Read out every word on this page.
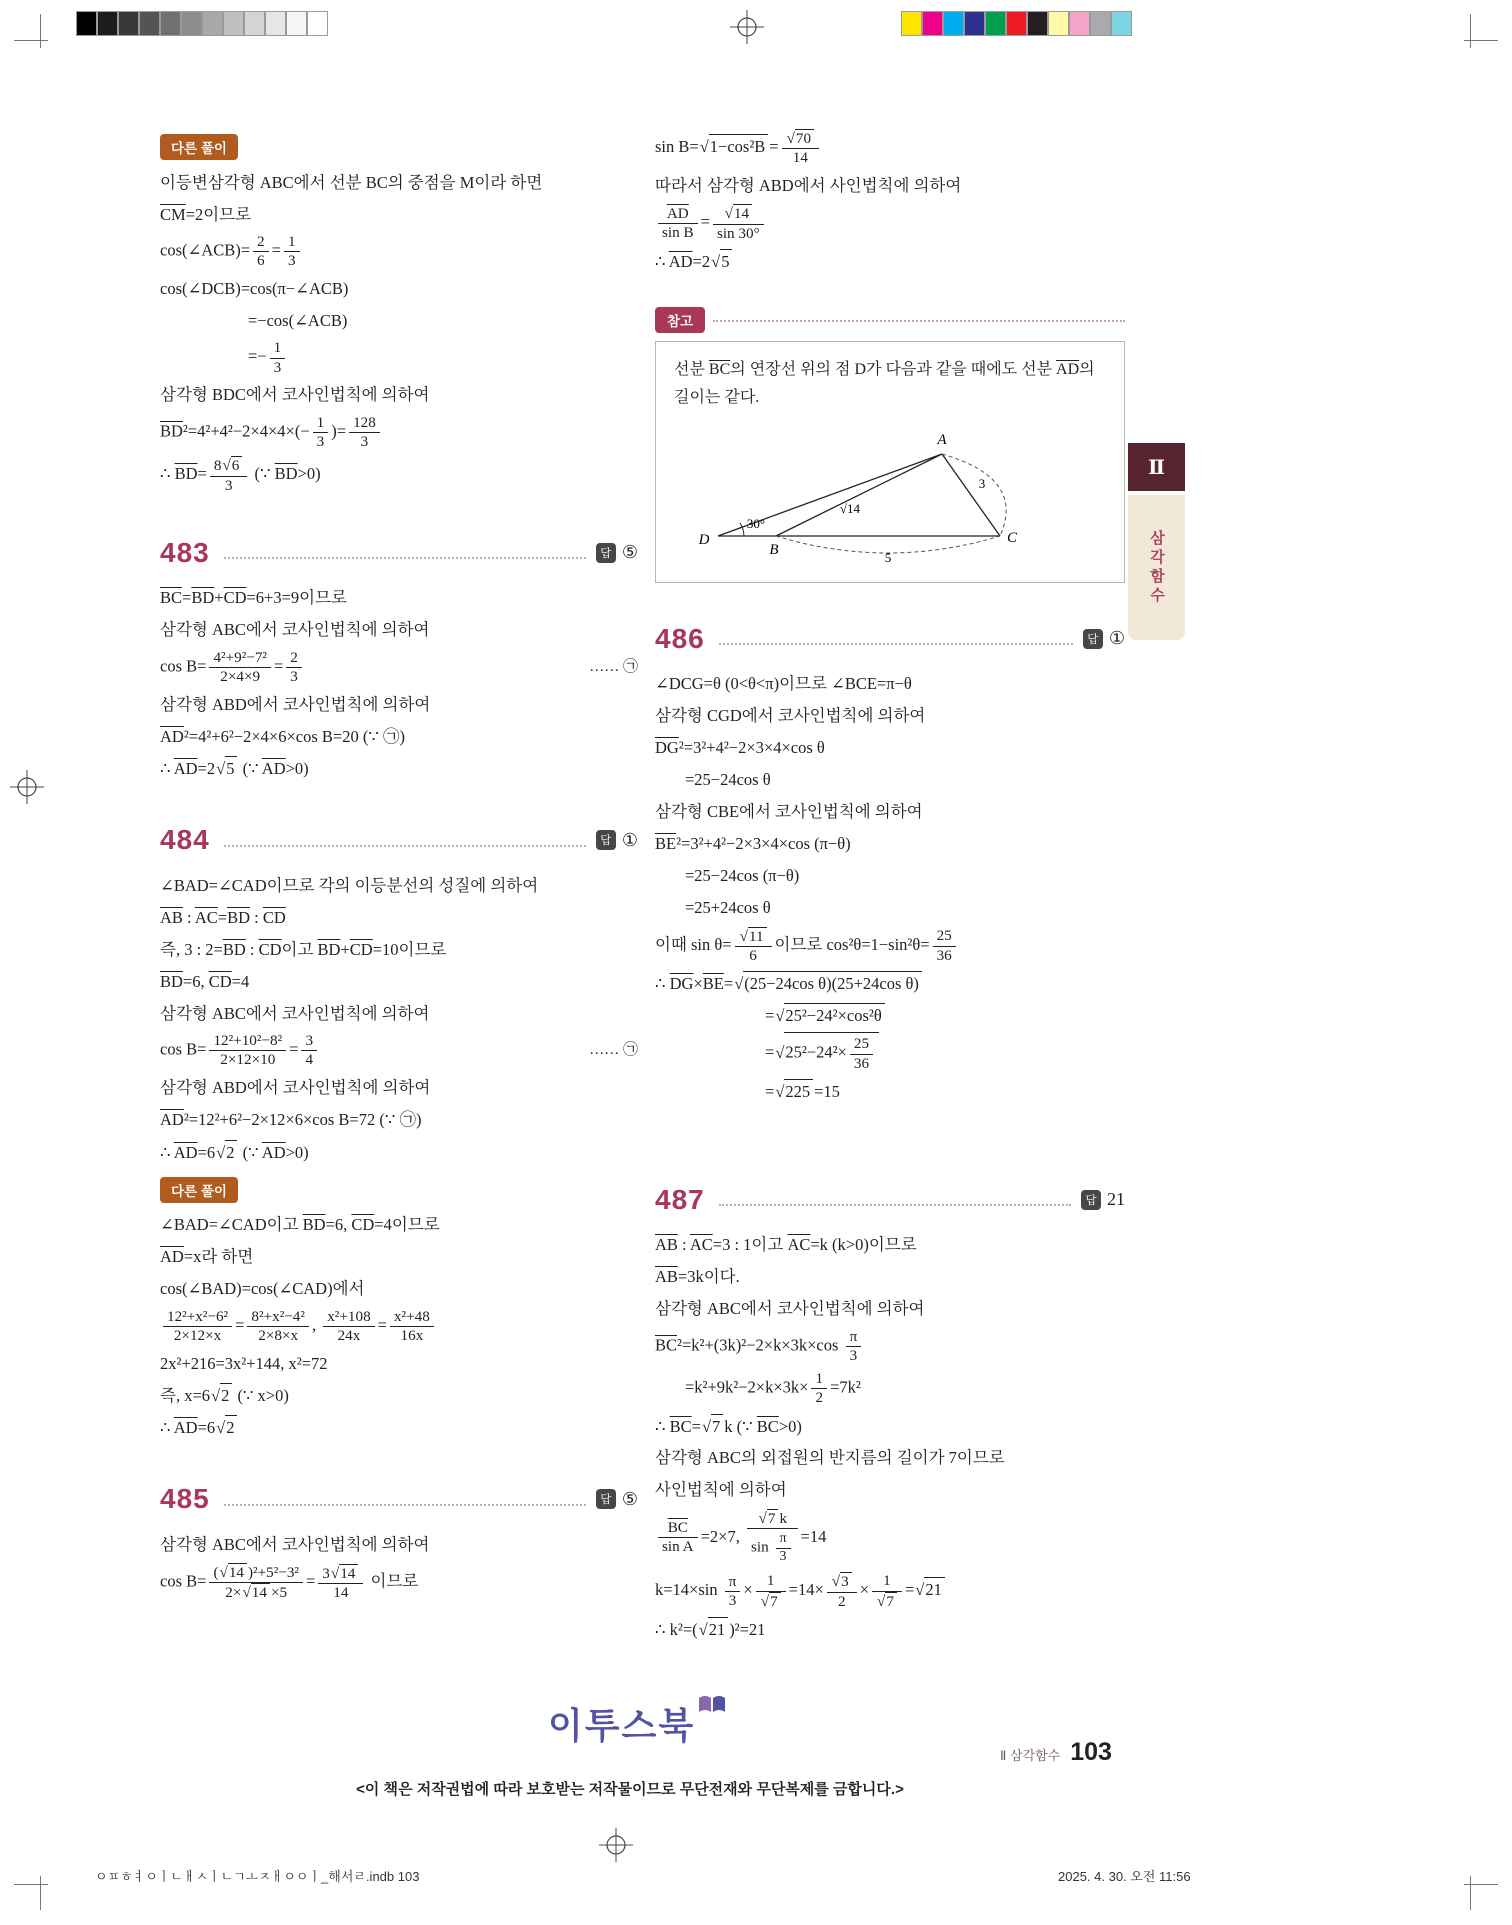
다른 풀이
이등변삼각형 ABC에서 선분 BC의 중점을 M이라 하면
$\overline{CM}=2$이므로
cos(∠ACB)= $\frac{2}{6} = \frac{1}{3}$
cos(∠DCB)=cos(π−∠ACB)
=−cos(∠ACB)
=− $\frac{1}{3}$
삼각형 BDC에서 코사인법칙에 의하여
$\overline{BD}^2=4^2+4^2-2\times 4\times 4\times(- \frac{1}{3}$ )= $\frac{128}{3}$
∴ $\overline{BD}= \frac{8 √ 6}{3}$ (∵ $\overline{BD}>0$)
483	답 ⑤
$\overline{BC}=\overline{BD}+\overline{CD}=6+3=9$이므로
삼각형 ABC에서 코사인법칙에 의하여
$\cos B= \frac{\text{4²+9²−7²}}{2\times 4\times 9} = \frac{2}{3}$	…… ㉠
삼각형 ABD에서 코사인법칙에 의하여
$\overline{AD}^2=4^2+6^2-2\times 4\times 6\times\cos$ B=20 (∵ ㉠)
∴ $\overline{AD}=2$ √ 5 (∵ $\overline{AD}>0$)
484	답 ①
∠BAD=∠CAD이므로 각의 이등분선의 성질에 의하여
$\overline{AB}$ : $\overline{AC}=\overline{BD}$ : $\overline{CD}$
즉, 3 : $2=\overline{BD}$ : $\overline{CD}$이고 $\overline{BD}+\overline{CD}=10$이므로
$\overline{BD}=6$, $\overline{CD}=4$
삼각형 ABC에서 코사인법칙에 의하여
$\cos B= \frac{\text{12²+10²−8²}}{2\times 12\times 10} = \frac{3}{4}$	…… ㉠
삼각형 ABD에서 코사인법칙에 의하여
$\overline{AD}^2=12^2+6^2-2\times 12\times 6\times\cos$ B=72 (∵ ㉠)
∴ $\overline{AD}=6$ √ 2 (∵ $\overline{AD}>0$)
다른 풀이
∠BAD=∠CAD이고 $\overline{BD}=6$, $\overline{CD}=4$이므로
$\overline{AD}=x$라 하면
cos(∠BAD)=cos(∠CAD)에서
$\frac{\text{12²+x²−6²}}{2\times 12\times x} = \frac{\text{8²+x²−4²}}{2\times 8\times x}$ , $\frac{\text{x²+108}}{24x} = \frac{\text{x²+48}}{16x}$
2x²+216=3x²+144, x²=72
즉, x=6 √ 2 (∵ x>0)
∴ $\overline{AD}=6$ √ 2
485	답 ⑤
삼각형 ABC에서 코사인법칙에 의하여
$\cos B= \frac{\text{( √ 14 )²+5²−3²}}{2\times √ 14 \times 5} = \frac{3 √ 14}{14}$ 이므로
sin B= √ $1-\cos^2B = \frac{√ 70}{14}$
따라서 삼각형 ABD에서 사인법칙에 의하여
$\frac{\overline{AD}}{\text{sin B}} = \frac{√ 14}{\sin 30^\circ}$
∴ $\overline{AD}=2$ √ 5
참고
선분 $\overline{BC}$의 연장선 위의 점 D가 다음과 같을 때에도 선분 $\overline{AD}$의 길이는 같다.
A
D
B
C
30°
√14
3
5
486	답 ①
∠DCG=θ (0<θ<π)이므로 ∠BCE=π−θ
삼각형 CGD에서 코사인법칙에 의하여
$\overline{DG}^2=3^2+4^2-2\times 3\times 4\times\cos$ θ
=25−24cos θ
삼각형 CBE에서 코사인법칙에 의하여
$\overline{BE}^2=3^2+4^2-2\times 3\times 4\times\cos$ (π−θ)
=25−24cos (π−θ)
=25+24cos θ
이때 $\sin \theta= \frac{√ 11}{6}$ 이므로 $\cos^2\theta=1-\sin^2\theta= \frac{25}{36}$
∴ $\overline{DG}\times\overline{BE}=$ √ (25−24cos θ)(25+24cos θ)
= √ 25²−24²×cos²θ
= √ $25^2-24^2\times \frac{25}{36}$
= √ 225 =15
487	답 21
$\overline{AB}$ : $\overline{AC}=3$ : 1이고 $\overline{AC}=k$ (k>0)이므로
$\overline{AB}=3k$이다.
삼각형 ABC에서 코사인법칙에 의하여
$\overline{BC}^2=k^2+(3k)^2-2\times k\times 3k\times\cos \frac{\pi}{3}$
$=k^2+9k^2-2\times k\times 3k\times \frac{1}{2} =7k^2$
∴ $\overline{BC}=$ √ 7 k (∵ $\overline{BC}>0$)
삼각형 ABC의 외접원의 반지름의 길이가 7이므로
사인법칙에 의하여
$\frac{\overline{BC}}{\text{sin A}} =2\times 7$, $\frac{√ 7 k}{\sin \frac{\pi}{3}} =14$
$k=14\times\sin \frac{\pi}{3} \times \frac{1}{√ 7} =14\times \frac{√ 3}{2} \times \frac{1}{√ 7}$ = √ 21
∴ k²=( √ 21 )²=21
Ⅱ
삼각함수
이투스북
<이 책은 저작권법에 따라 보호받는 저작물이므로 무단전재와 무단복제를 금합니다.>
Ⅱ 삼각함수 103
ㅇㅍㅎㅕㅇㅣㄴㅐㅅㅣㄴㄱㅗㅈㅐㅇㅇㅣ_해서ㄹ.indb 103	2025. 4. 30. 오전 11:56
